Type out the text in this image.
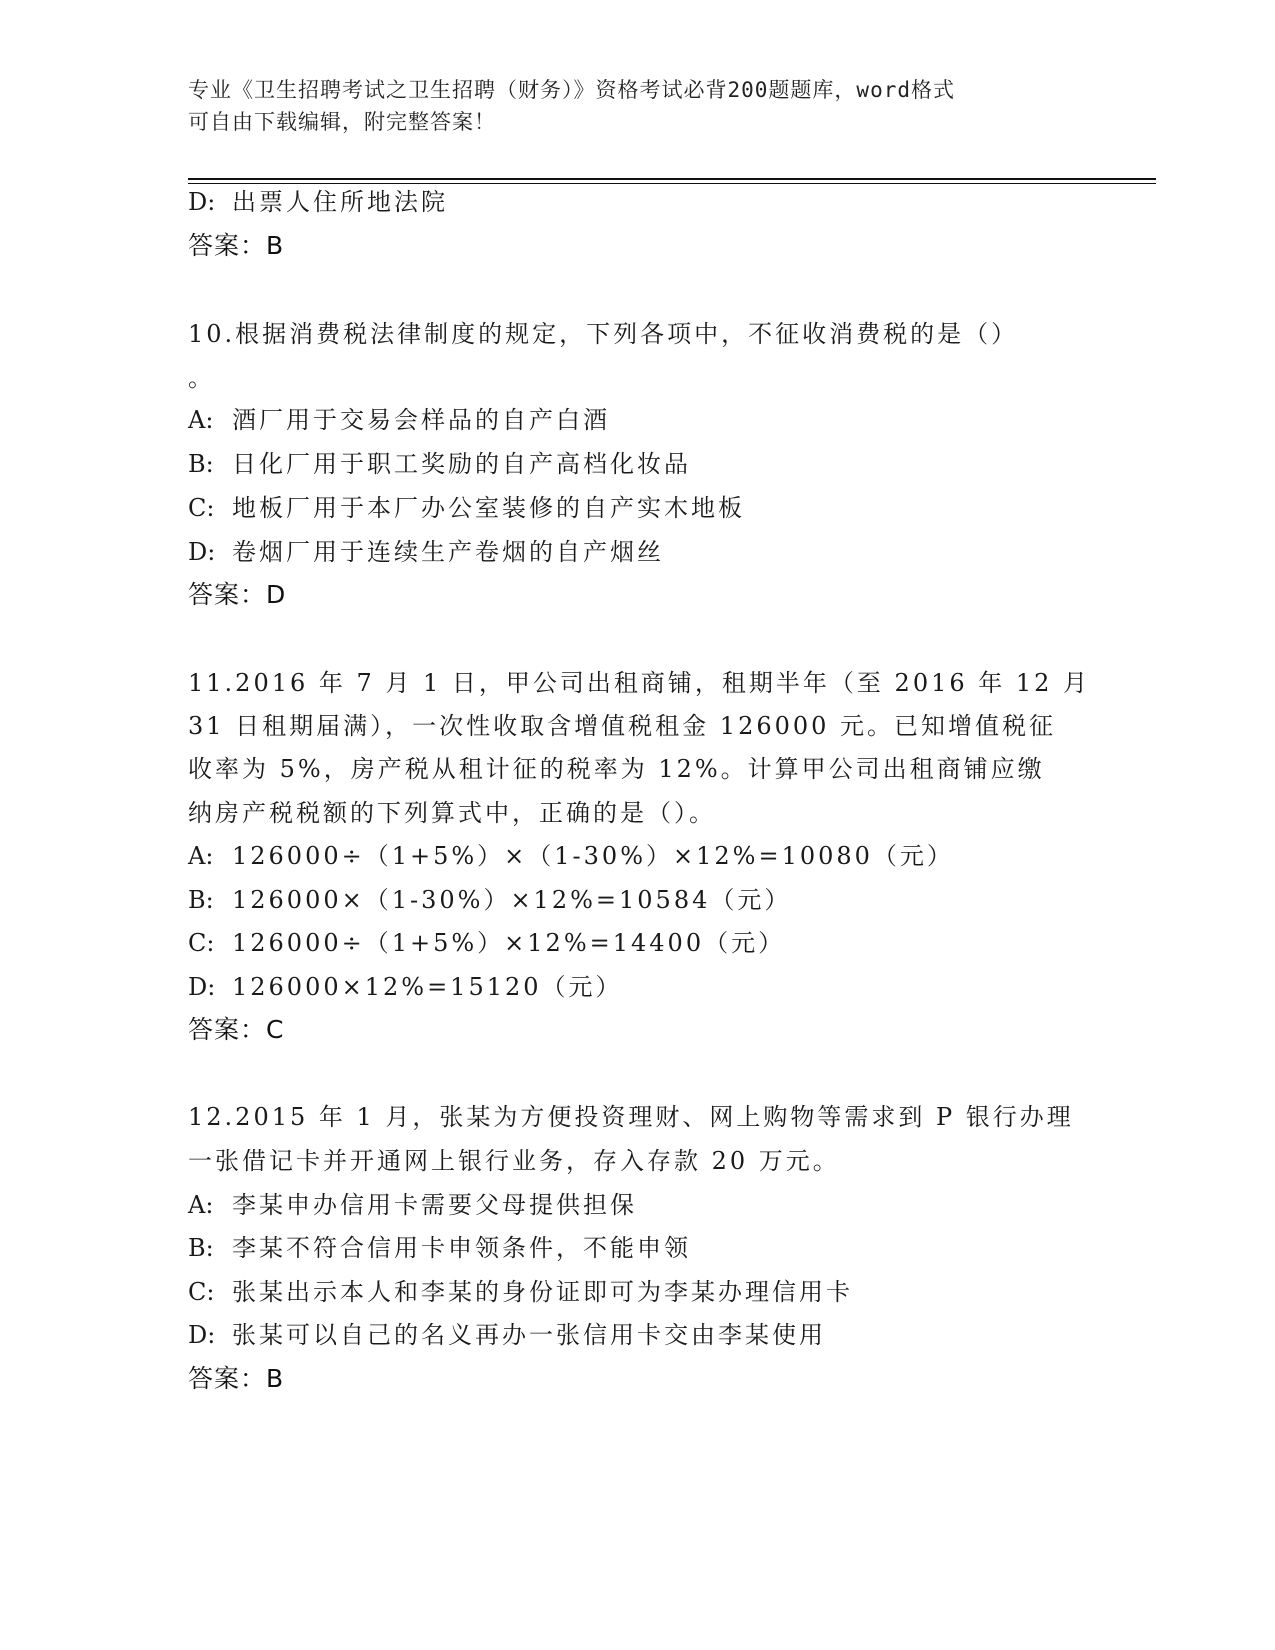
专业《卫生招聘考试之卫生招聘（财务）》资格考试必背200题题库，word格式
可自由下载编辑，附完整答案！
D: 出票人住所地法院
答案：B
10.根据消费税法律制度的规定，下列各项中，不征收消费税的是（）
。
A: 酒厂用于交易会样品的自产白酒
B: 日化厂用于职工奖励的自产高档化妆品
C: 地板厂用于本厂办公室装修的自产实木地板
D: 卷烟厂用于连续生产卷烟的自产烟丝
答案：D
11.2016 年 7 月 1 日，甲公司出租商铺，租期半年（至 2016 年 12 月
31 日租期届满），一次性收取含增值税租金 126000 元。已知增值税征
收率为 5%，房产税从租计征的税率为 12%。计算甲公司出租商铺应缴
纳房产税税额的下列算式中，正确的是（）。
A: 126000÷（1+5%）×（1-30%）×12%=10080（元）
B: 126000×（1-30%）×12%=10584（元）
C: 126000÷（1+5%）×12%=14400（元）
D: 126000×12%=15120（元）
答案：C
12.2015 年 1 月，张某为方便投资理财、网上购物等需求到 P 银行办理
一张借记卡并开通网上银行业务，存入存款 20 万元。
A: 李某申办信用卡需要父母提供担保
B: 李某不符合信用卡申领条件，不能申领
C: 张某出示本人和李某的身份证即可为李某办理信用卡
D: 张某可以自己的名义再办一张信用卡交由李某使用
答案：B
